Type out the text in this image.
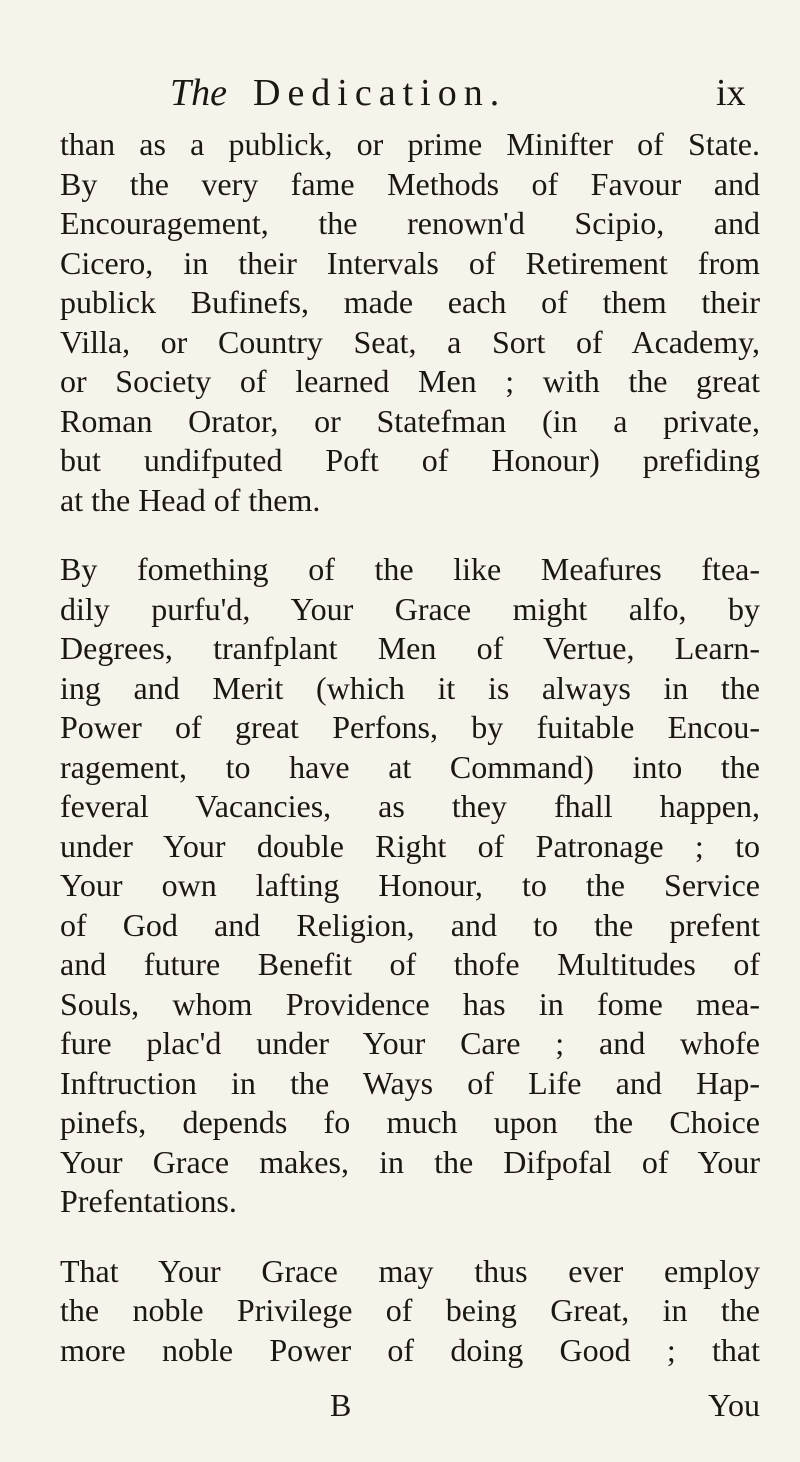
The Dedication.	ix
than as a publick, or prime Minifter of State.
By the very fame Methods of Favour and
Encouragement, the renown'd Scipio, and
Cicero, in their Intervals of Retirement from
publick Bufinefs, made each of them their
Villa, or Country Seat, a Sort of Academy,
or Society of learned Men ; with the great
Roman Orator, or Statefman (in a private,
but undifputed Poft of Honour) prefiding
at the Head of them.
By fomething of the like Meafures ftea-
dily purfu'd, Your Grace might alfo, by
Degrees, tranfplant Men of Vertue, Learn-
ing and Merit (which it is always in the
Power of great Perfons, by fuitable Encou-
ragement, to have at Command) into the
feveral Vacancies, as they fhall happen,
under Your double Right of Patronage ; to
Your own lafting Honour, to the Service
of God and Religion, and to the prefent
and future Benefit of thofe Multitudes of
Souls, whom Providence has in fome mea-
fure plac'd under Your Care ; and whofe
Inftruction in the Ways of Life and Hap-
pinefs, depends fo much upon the Choice
Your Grace makes, in the Difpofal of Your
Prefentations.
That Your Grace may thus ever employ
the noble Privilege of being Great, in the
more noble Power of doing Good ; that
B	You
